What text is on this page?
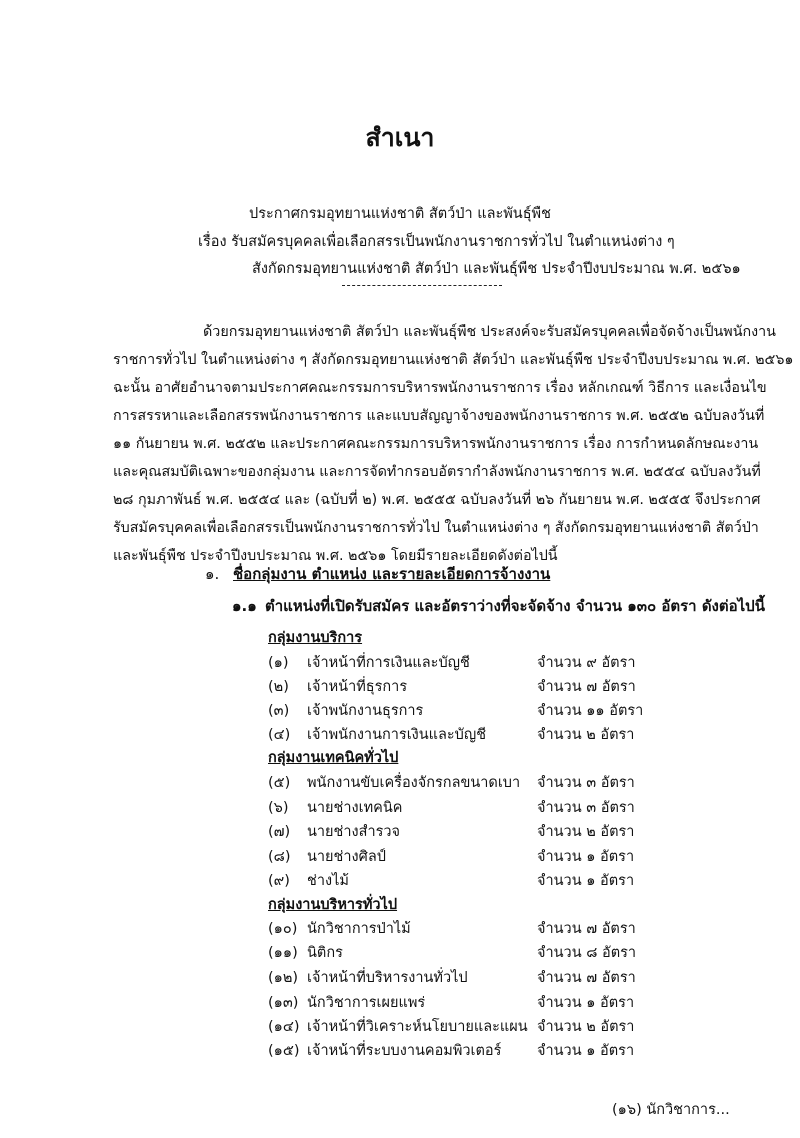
สำเนา
ประกาศกรมอุทยานแห่งชาติ สัตว์ป่า และพันธุ์พืช
เรื่อง รับสมัครบุคคลเพื่อเลือกสรรเป็นพนักงานราชการทั่วไป ในตำแหน่งต่าง ๆ
สังกัดกรมอุทยานแห่งชาติ สัตว์ป่า และพันธุ์พืช ประจำปีงบประมาณ พ.ศ. ๒๕๖๑
ด้วยกรมอุทยานแห่งชาติ สัตว์ป่า และพันธุ์พืช ประสงค์จะรับสมัครบุคคลเพื่อจัดจ้างเป็นพนักงาน
ราชการทั่วไป ในตำแหน่งต่าง ๆ สังกัดกรมอุทยานแห่งชาติ สัตว์ป่า และพันธุ์พืช ประจำปีงบประมาณ พ.ศ. ๒๕๖๑
ฉะนั้น อาศัยอำนาจตามประกาศคณะกรรมการบริหารพนักงานราชการ เรื่อง หลักเกณฑ์ วิธีการ และเงื่อนไข
การสรรหาและเลือกสรรพนักงานราชการ และแบบสัญญาจ้างของพนักงานราชการ พ.ศ. ๒๕๕๒ ฉบับลงวันที่
๑๑ กันยายน พ.ศ. ๒๕๕๒ และประกาศคณะกรรมการบริหารพนักงานราชการ เรื่อง การกำหนดลักษณะงาน
และคุณสมบัติเฉพาะของกลุ่มงาน และการจัดทำกรอบอัตรากำลังพนักงานราชการ พ.ศ. ๒๕๕๔ ฉบับลงวันที่
๒๘ กุมภาพันธ์ พ.ศ. ๒๕๕๔ และ (ฉบับที่ ๒) พ.ศ. ๒๕๕๕ ฉบับลงวันที่ ๒๖ กันยายน พ.ศ. ๒๕๕๕ จึงประกาศ
รับสมัครบุคคลเพื่อเลือกสรรเป็นพนักงานราชการทั่วไป ในตำแหน่งต่าง ๆ สังกัดกรมอุทยานแห่งชาติ สัตว์ป่า
และพันธุ์พืช ประจำปีงบประมาณ พ.ศ. ๒๕๖๑ โดยมีรายละเอียดดังต่อไปนี้
๑. ชื่อกลุ่มงาน ตำแหน่ง และรายละเอียดการจ้างงาน
๑.๑ ตำแหน่งที่เปิดรับสมัคร และอัตราว่างที่จะจัดจ้าง จำนวน ๑๓๐ อัตรา ดังต่อไปนี้
กลุ่มงานบริการ
(๑) เจ้าหน้าที่การเงินและบัญชี	จำนวน ๙ อัตรา
(๒) เจ้าหน้าที่ธุรการ	จำนวน ๗ อัตรา
(๓) เจ้าพนักงานธุรการ	จำนวน ๑๑ อัตรา
(๔) เจ้าพนักงานการเงินและบัญชี	จำนวน ๒ อัตรา
กลุ่มงานเทคนิคทั่วไป
(๕) พนักงานขับเครื่องจักรกลขนาดเบา จำนวน ๓ อัตรา
(๖) นายช่างเทคนิค	จำนวน ๓ อัตรา
(๗) นายช่างสำรวจ	จำนวน ๒ อัตรา
(๘) นายช่างศิลป์	จำนวน ๑ อัตรา
(๙) ช่างไม้	จำนวน ๑ อัตรา
กลุ่มงานบริหารทั่วไป
(๑๐) นักวิชาการป่าไม้	จำนวน ๗ อัตรา
(๑๑) นิติกร	จำนวน ๘ อัตรา
(๑๒) เจ้าหน้าที่บริหารงานทั่วไป	จำนวน ๗ อัตรา
(๑๓) นักวิชาการเผยแพร่	จำนวน ๑ อัตรา
(๑๔) เจ้าหน้าที่วิเคราะห์นโยบายและแผน จำนวน ๒ อัตรา
(๑๕) เจ้าหน้าที่ระบบงานคอมพิวเตอร์ จำนวน ๑ อัตรา
(๑๖) นักวิชาการ...
